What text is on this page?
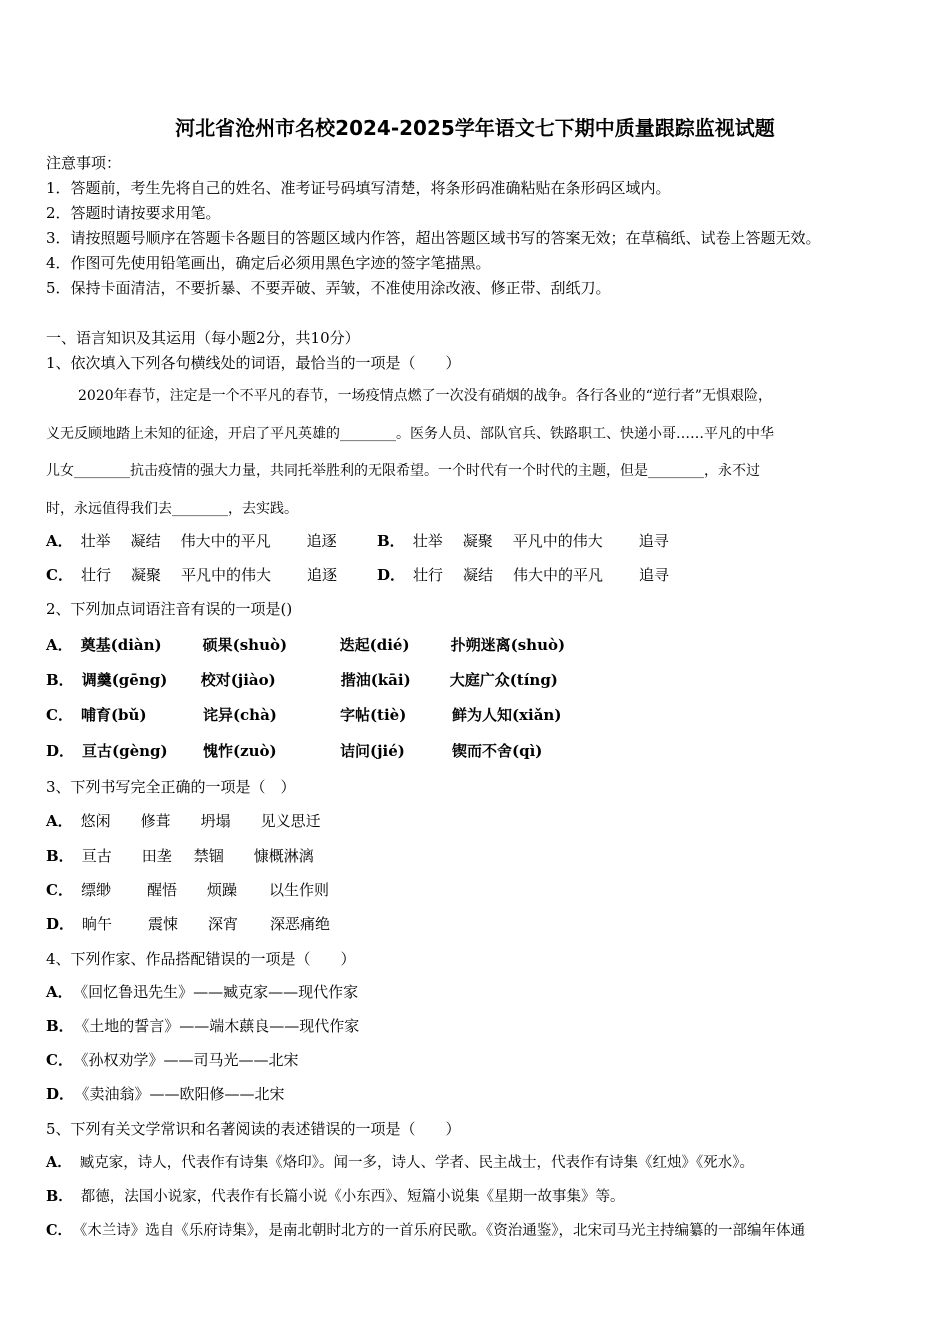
河北省沧州市名校2024-2025学年语文七下期中质量跟踪监视试题
注意事项：
1．答题前，考生先将自己的姓名、准考证号码填写清楚，将条形码准确粘贴在条形码区域内。
2．答题时请按要求用笔。
3．请按照题号顺序在答题卡各题目的答题区域内作答，超出答题区域书写的答案无效；在草稿纸、试卷上答题无效。
4．作图可先使用铅笔画出，确定后必须用黑色字迹的签字笔描黑。
5．保持卡面清洁，不要折暴、不要弄破、弄皱，不准使用涂改液、修正带、刮纸刀。
一、语言知识及其运用（每小题2分，共10分）
1、依次填入下列各句横线处的词语，最恰当的一项是（　　）
2020年春节，注定是一个不平凡的春节，一场疫情点燃了一次没有硝烟的战争。各行各业的“逆行者”无惧艰险，
义无反顾地踏上未知的征途，开启了平凡英雄的________。医务人员、部队官兵、铁路职工、快递小哥……平凡的中华
儿女________抗击疫情的强大力量，共同托举胜利的无限希望。一个时代有一个时代的主题，但是________，永不过
时，永远值得我们去________，去实践。
A． 壮举 凝结 伟大中的平凡 追逐	B． 壮举 凝聚 平凡中的伟大 追寻
C． 壮行 凝聚 平凡中的伟大 追逐	D． 壮行 凝结 伟大中的平凡 追寻
2、下列加点词语注音有误的一项是()
A． 奠基(diàn)	硕果(shuò)	迭起(dié)	扑朔迷离(shuò)
B． 调羹(gēng) 校对(jiào)	揩油(kāi)	大庭广众(tíng)
C． 哺育(bǔ)	诧异(chà)	字帖(tiè)	鲜为人知(xiǎn)
D． 亘古(gèng) 愧怍(zuò)	诘问(jié)	锲而不舍(qì)
3、下列书写完全正确的一项是（　）
A． 悠闲 修葺 坍塌 见义思迁
B． 亘古 田垄 禁锢 慷概淋漓
C． 缥缈 醒悟 烦躁 以生作则
D． 晌午 震悚 深宵 深恶痛绝
4、下列作家、作品搭配错误的一项是（　　）
A． 《回忆鲁迅先生》——臧克家——现代作家
B． 《土地的誓言》——端木蕻良——现代作家
C． 《孙权劝学》——司马光——北宋
D． 《卖油翁》——欧阳修——北宋
5、下列有关文学常识和名著阅读的表述错误的一项是（　　）
A． 臧克家，诗人，代表作有诗集《烙印》。闻一多，诗人、学者、民主战士，代表作有诗集《红烛》《死水》。
B． 都德，法国小说家，代表作有长篇小说《小东西》、短篇小说集《星期一故事集》等。
C． 《木兰诗》选自《乐府诗集》，是南北朝时北方的一首乐府民歌。《资治通鉴》，北宋司马光主持编纂的一部编年体通
